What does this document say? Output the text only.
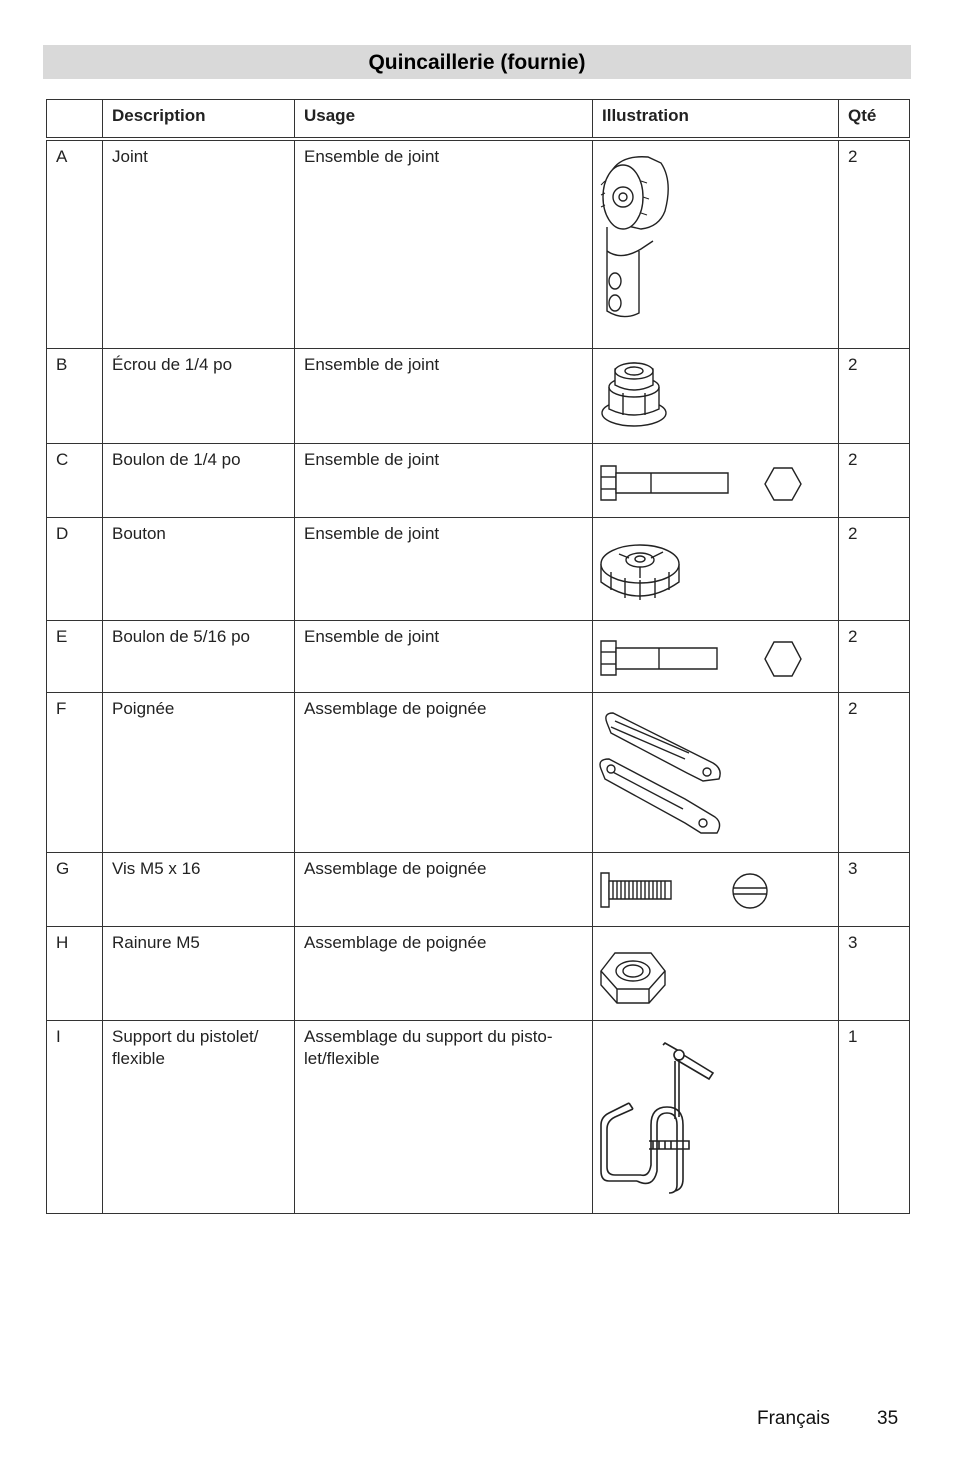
Quincaillerie (fournie)
	Description	Usage	Illustration	Qté
A	Joint	Ensemble de joint		2
B	Écrou de 1/4 po	Ensemble de joint		2
C	Boulon de 1/4 po	Ensemble de joint		2
D	Bouton	Ensemble de joint		2
E	Boulon de 5/16 po	Ensemble de joint		2
F	Poignée	Assemblage de poignée		2
G	Vis M5 x 16	Assemblage de poignée		3
H	Rainure M5	Assemblage de poignée		3
I	Support du pistolet/ flexible	Assemblage du support du pisto-let/flexible		1
Français 35
